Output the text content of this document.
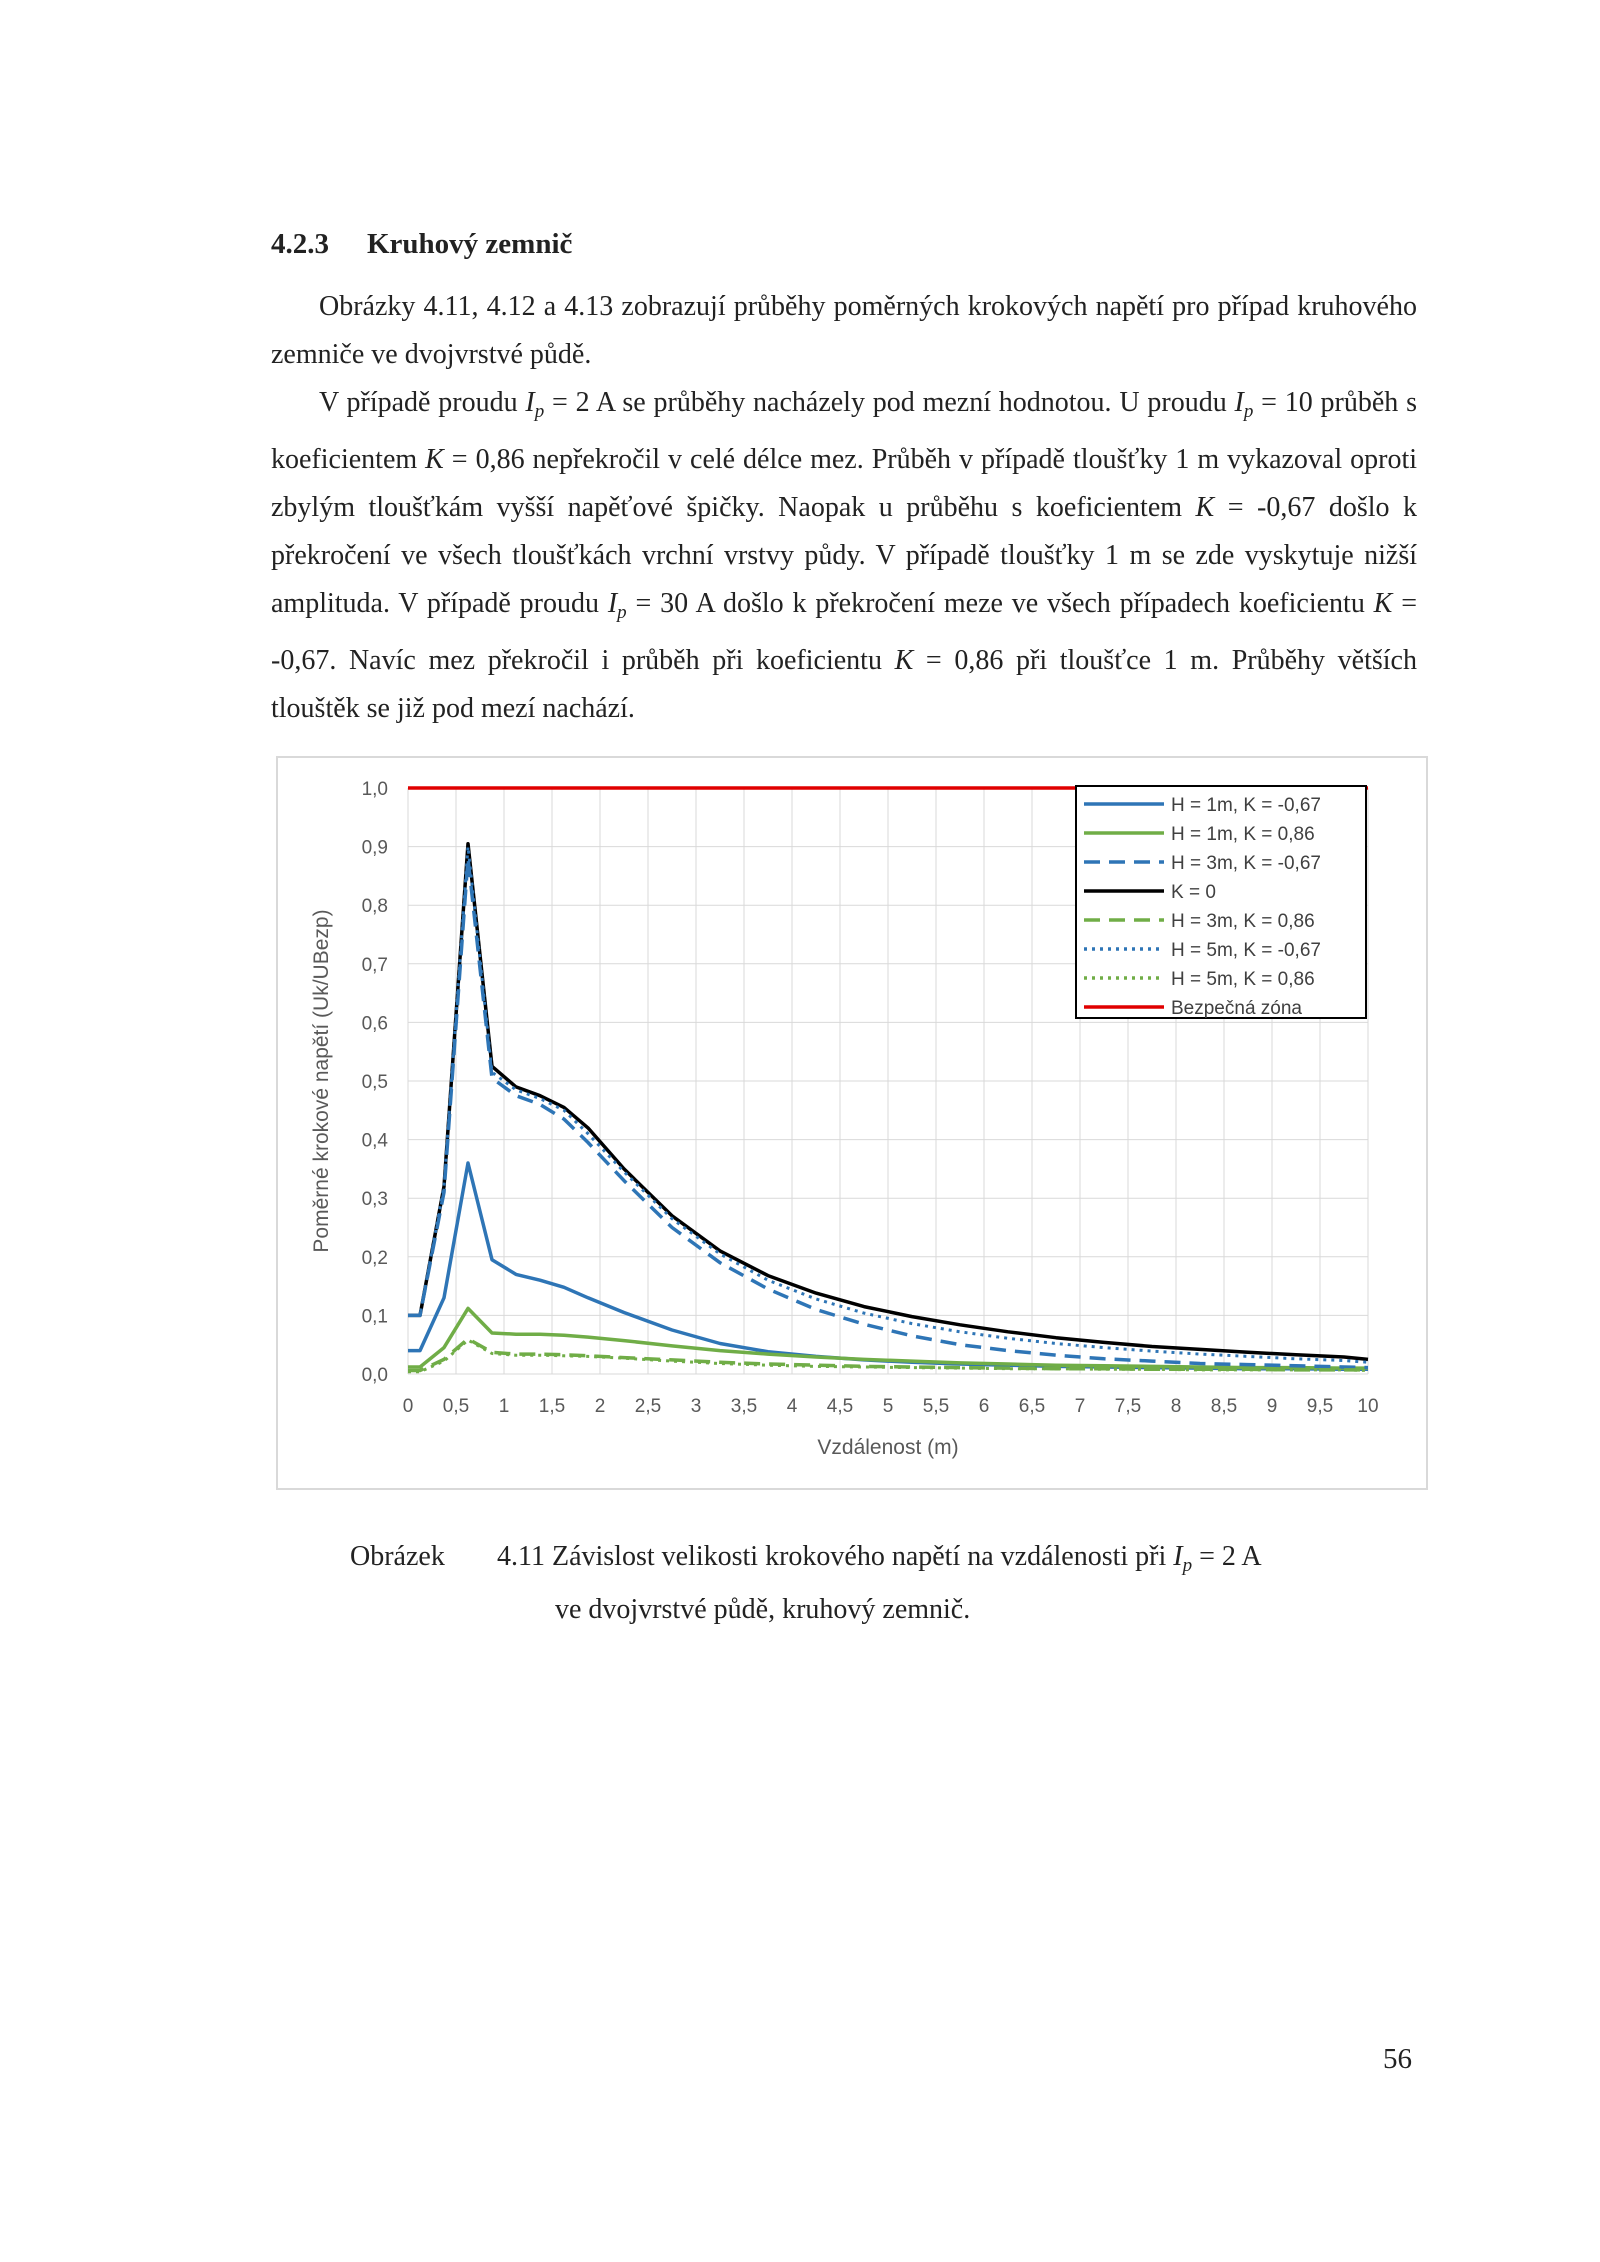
4.2.3 Kruhový zemnič

Obrázky 4.11, 4.12 a 4.13 zobrazují průběhy poměrných krokových napětí pro případ kruhového zemniče ve dvojvrstvé půdě.

V případě proudu $I_p = 2$ A se průběhy nacházely pod mezní hodnotou. U proudu $I_p = 10$ průběh s koeficientem K = 0,86 nepřekročil v celé délce mez. Průběh v případě tloušťky 1 m vykazoval oproti zbylým tloušťkám vyšší napěťové špičky. Naopak u průběhu s koeficientem K = -0,67 došlo k překročení ve všech tloušťkách vrchní vrstvy půdy. V případě tloušťky 1 m se zde vyskytuje nižší amplituda. V případě proudu $I_p = 30$ A došlo k překročení meze ve všech případech koeficientu K = -0,67. Navíc mez překročil i průběh při koeficientu K = 0,86 při tloušťce 1 m. Průběhy větších tlouštěk se již pod mezí nachází.

0 0,5 1 1,5 2 2,5 3 3,5 4 4,5 5 5,5 6 6,5 7 7,5 8 8,5 9 9,5 10
0,0
0,1
0,2
0,3
0,4
0,5
0,6
0,7
0,8
0,9
1,0
Vzdálenost (m)
Poměrné krokové napětí (Uk/UBezp)
H = 1m, K = -0,67
H = 1m, K = 0,86
H = 3m, K = -0,67
K = 0
H = 3m, K = 0,86
H = 5m, K = -0,67
H = 5m, K = 0,86
Bezpečná zóna
Obrázek 4.11 Závislost velikosti krokového napětí na vzdálenosti při $I_p = 2$ A
ve dvojvrstvé půdě, kruhový zemnič.
56
